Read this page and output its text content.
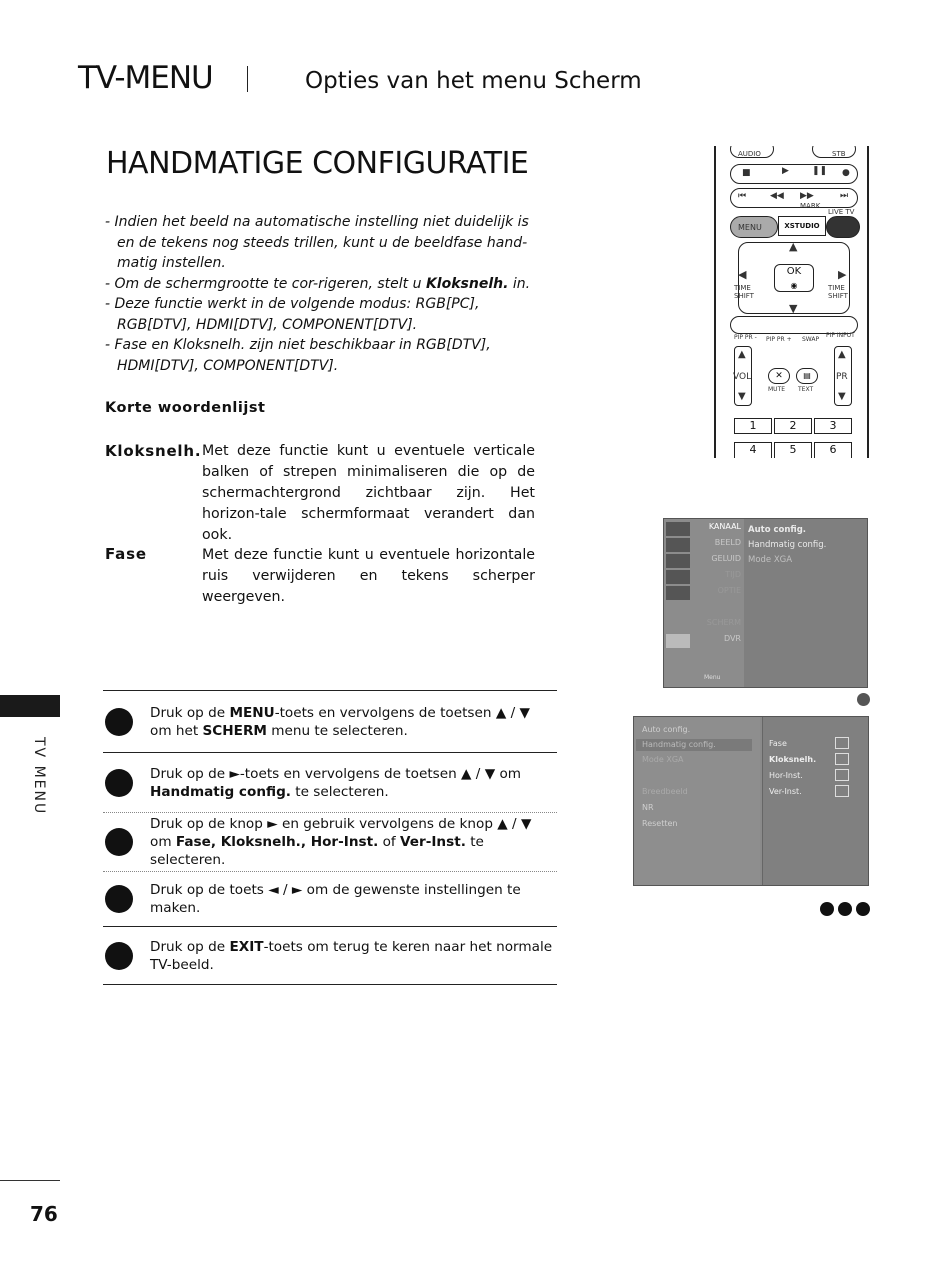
TV-MENU	Opties van het menu Scherm
HANDMATIGE CONFIGURATIE
- Indien het beeld na automatische instelling niet duidelijk is
en de tekens nog steeds trillen, kunt u de beeldfase hand-
matig instellen.
- Om de schermgrootte te cor-rigeren, stelt u Kloksnelh. in.
- Deze functie werkt in de volgende modus: RGB[PC],
RGB[DTV], HDMI[DTV], COMPONENT[DTV].
- Fase en Kloksnelh. zijn niet beschikbaar in RGB[DTV],
HDMI[DTV], COMPONENT[DTV].
Korte woordenlijst
Kloksnelh. Met deze functie kunt u eventuele verticale balken of strepen minimaliseren die op de schermachtergrond zichtbaar zijn. Het horizon-tale schermformaat verandert dan ook.
Fase	Met deze functie kunt u eventuele horizontale ruis verwijderen en tekens scherper weergeven.
Druk op de MENU-toets en vervolgens de toetsen ▲ / ▼
om het SCHERM menu te selecteren.
Druk op de ►-toets en vervolgens de toetsen ▲ / ▼ om
Handmatig config. te selecteren.
Druk op de knop ► en gebruik vervolgens de knop ▲ / ▼
om Fase, Kloksnelh., Hor-Inst. of Ver-Inst. te selecteren.
Druk op de toets ◄ / ► om de gewenste instellingen te
maken.
Druk op de EXIT-toets om terug te keren naar het normale
TV-beeld.
TV MENU
76
AUDIO	STB
■	▶	❚❚ ●
⏮	◀◀ ▶▶	⏭
MARK
LIVE TV
MENU	XSTUDIO
▲
▼
◀	▶
OK
◉
TIME SHIFT
TIME SHIFT
PIP PR - PIP PR + SWAP
PIP INPUT
▲
VOL
▼
▲
PR
▼
✕	▤
MUTE TEXT
1	2	3
4	5	6
KANAAL
BEELD
GELUID
TIJD
OPTIE
SCHERM
DVR
Auto config.
Handmatig config.
Mode XGA
Menu
Auto config.
Handmatig config.
Mode XGA
Breedbeeld
NR
Resetten
Fase
Kloksnelh.
Hor-Inst.
Ver-Inst.
